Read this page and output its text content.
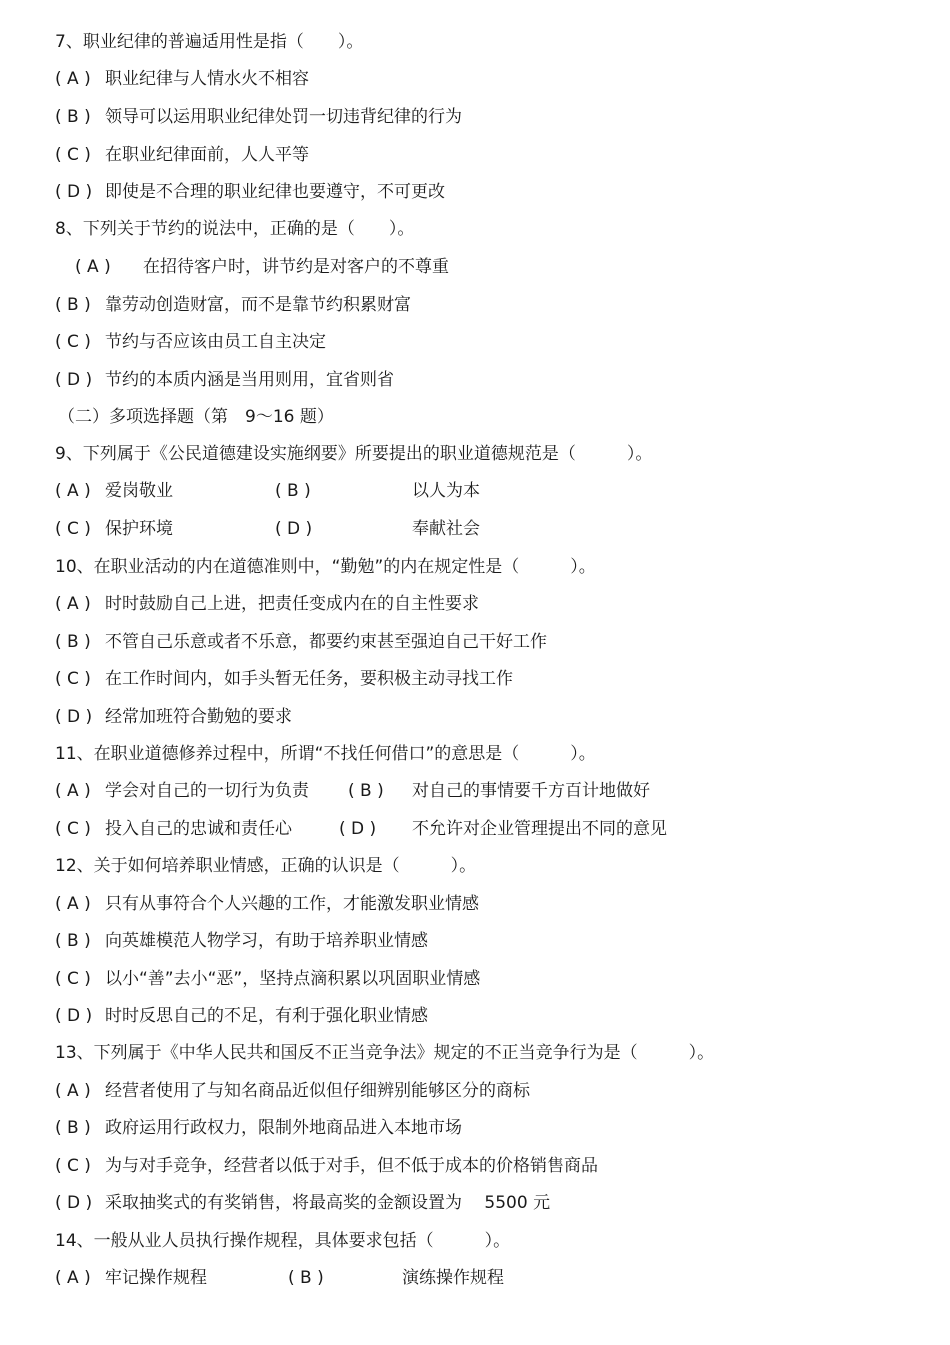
7、职业纪律的普遍适用性是指（　　）。
( A ) 职业纪律与人情水火不相容
( B ) 领导可以运用职业纪律处罚一切违背纪律的行为
( C ) 在职业纪律面前，人人平等
( D ) 即使是不合理的职业纪律也要遵守，不可更改
8、下列关于节约的说法中，正确的是（　　）。
( A ) 在招待客户时，讲节约是对客户的不尊重
( B ) 靠劳动创造财富，而不是靠节约积累财富
( C ) 节约与否应该由员工自主决定
( D ) 节约的本质内涵是当用则用，宜省则省
（二）多项选择题（第　9～16 题）
9、下列属于《公民道德建设实施纲要》所要提出的职业道德规范是（　　　）。
( A ) 爱岗敬业	( B )	以人为本
( C ) 保护环境	( D )	奉献社会
10、在职业活动的内在道德准则中，“勤勉”的内在规定性是（　　　）。
( A ) 时时鼓励自己上进，把责任变成内在的自主性要求
( B ) 不管自己乐意或者不乐意，都要约束甚至强迫自己干好工作
( C ) 在工作时间内，如手头暂无任务，要积极主动寻找工作
( D ) 经常加班符合勤勉的要求
11、在职业道德修养过程中，所谓“不找任何借口”的意思是（　　　）。
( A ) 学会对自己的一切行为负责 ( B ) 对自己的事情要千方百计地做好
( C ) 投入自己的忠诚和责任心	( D ) 不允许对企业管理提出不同的意见
12、关于如何培养职业情感，正确的认识是（　　　）。
( A ) 只有从事符合个人兴趣的工作，才能激发职业情感
( B ) 向英雄模范人物学习，有助于培养职业情感
( C ) 以小“善”去小“恶”，坚持点滴积累以巩固职业情感
( D ) 时时反思自己的不足，有利于强化职业情感
13、下列属于《中华人民共和国反不正当竞争法》规定的不正当竞争行为是（　　　）。
( A ) 经营者使用了与知名商品近似但仔细辨别能够区分的商标
( B ) 政府运用行政权力，限制外地商品进入本地市场
( C ) 为与对手竞争，经营者以低于对手，但不低于成本的价格销售商品
( D ) 采取抽奖式的有奖销售，将最高奖的金额设置为　 5500 元
14、一般从业人员执行操作规程，具体要求包括（　　　）。
( A ) 牢记操作规程	( B )	演练操作规程
